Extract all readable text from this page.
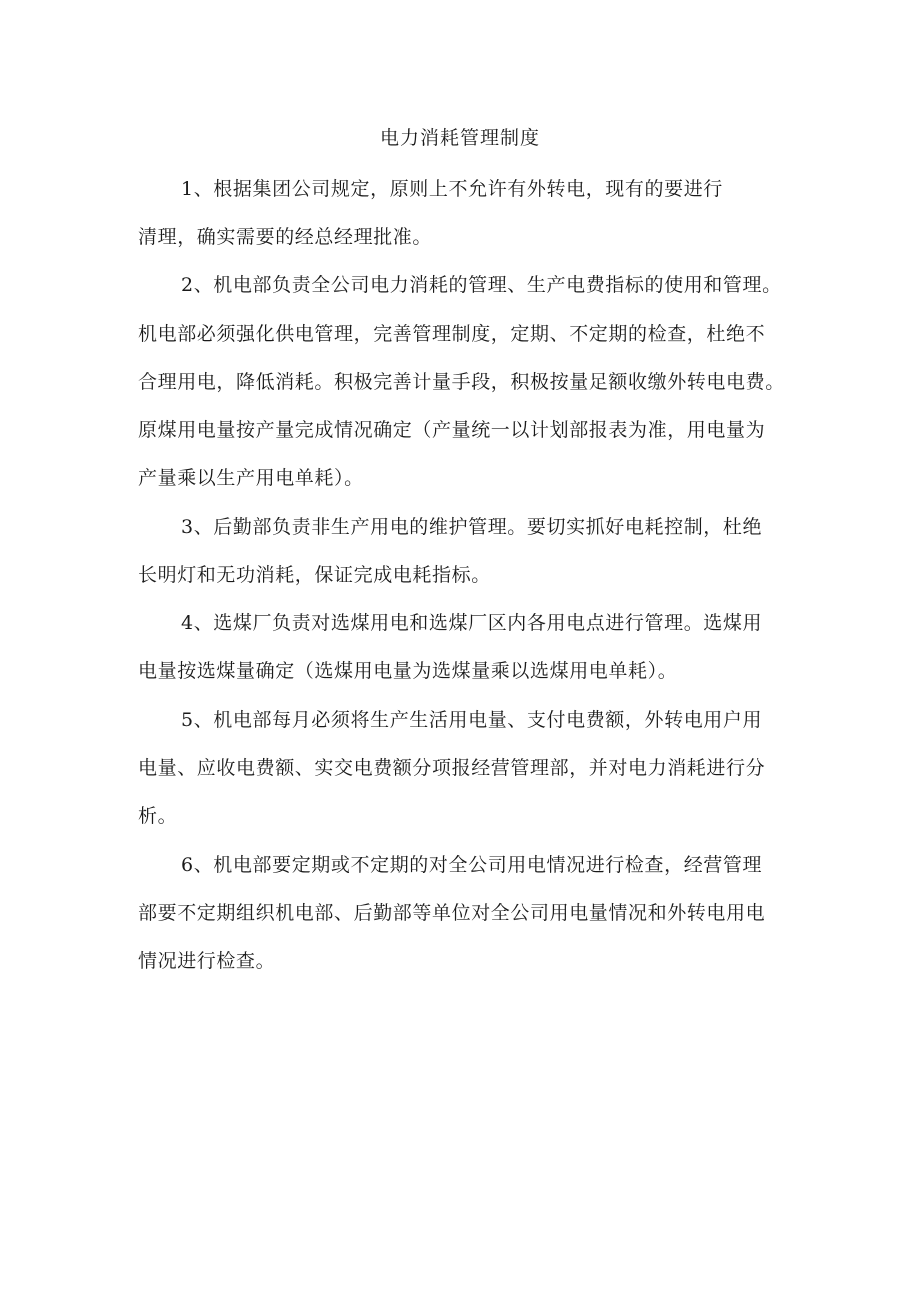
电力消耗管理制度
1、根据集团公司规定，原则上不允许有外转电，现有的要进行
清理，确实需要的经总经理批准。
2、机电部负责全公司电力消耗的管理、生产电费指标的使用和管理。
机电部必须强化供电管理，完善管理制度，定期、不定期的检查，杜绝不
合理用电，降低消耗。积极完善计量手段，积极按量足额收缴外转电电费。
原煤用电量按产量完成情况确定（产量统一以计划部报表为准，用电量为
产量乘以生产用电单耗）。
3、后勤部负责非生产用电的维护管理。要切实抓好电耗控制，杜绝
长明灯和无功消耗，保证完成电耗指标。
4、选煤厂负责对选煤用电和选煤厂区内各用电点进行管理。选煤用
电量按选煤量确定（选煤用电量为选煤量乘以选煤用电单耗）。
5、机电部每月必须将生产生活用电量、支付电费额，外转电用户用
电量、应收电费额、实交电费额分项报经营管理部，并对电力消耗进行分
析。
6、机电部要定期或不定期的对全公司用电情况进行检查，经营管理
部要不定期组织机电部、后勤部等单位对全公司用电量情况和外转电用电
情况进行检查。
